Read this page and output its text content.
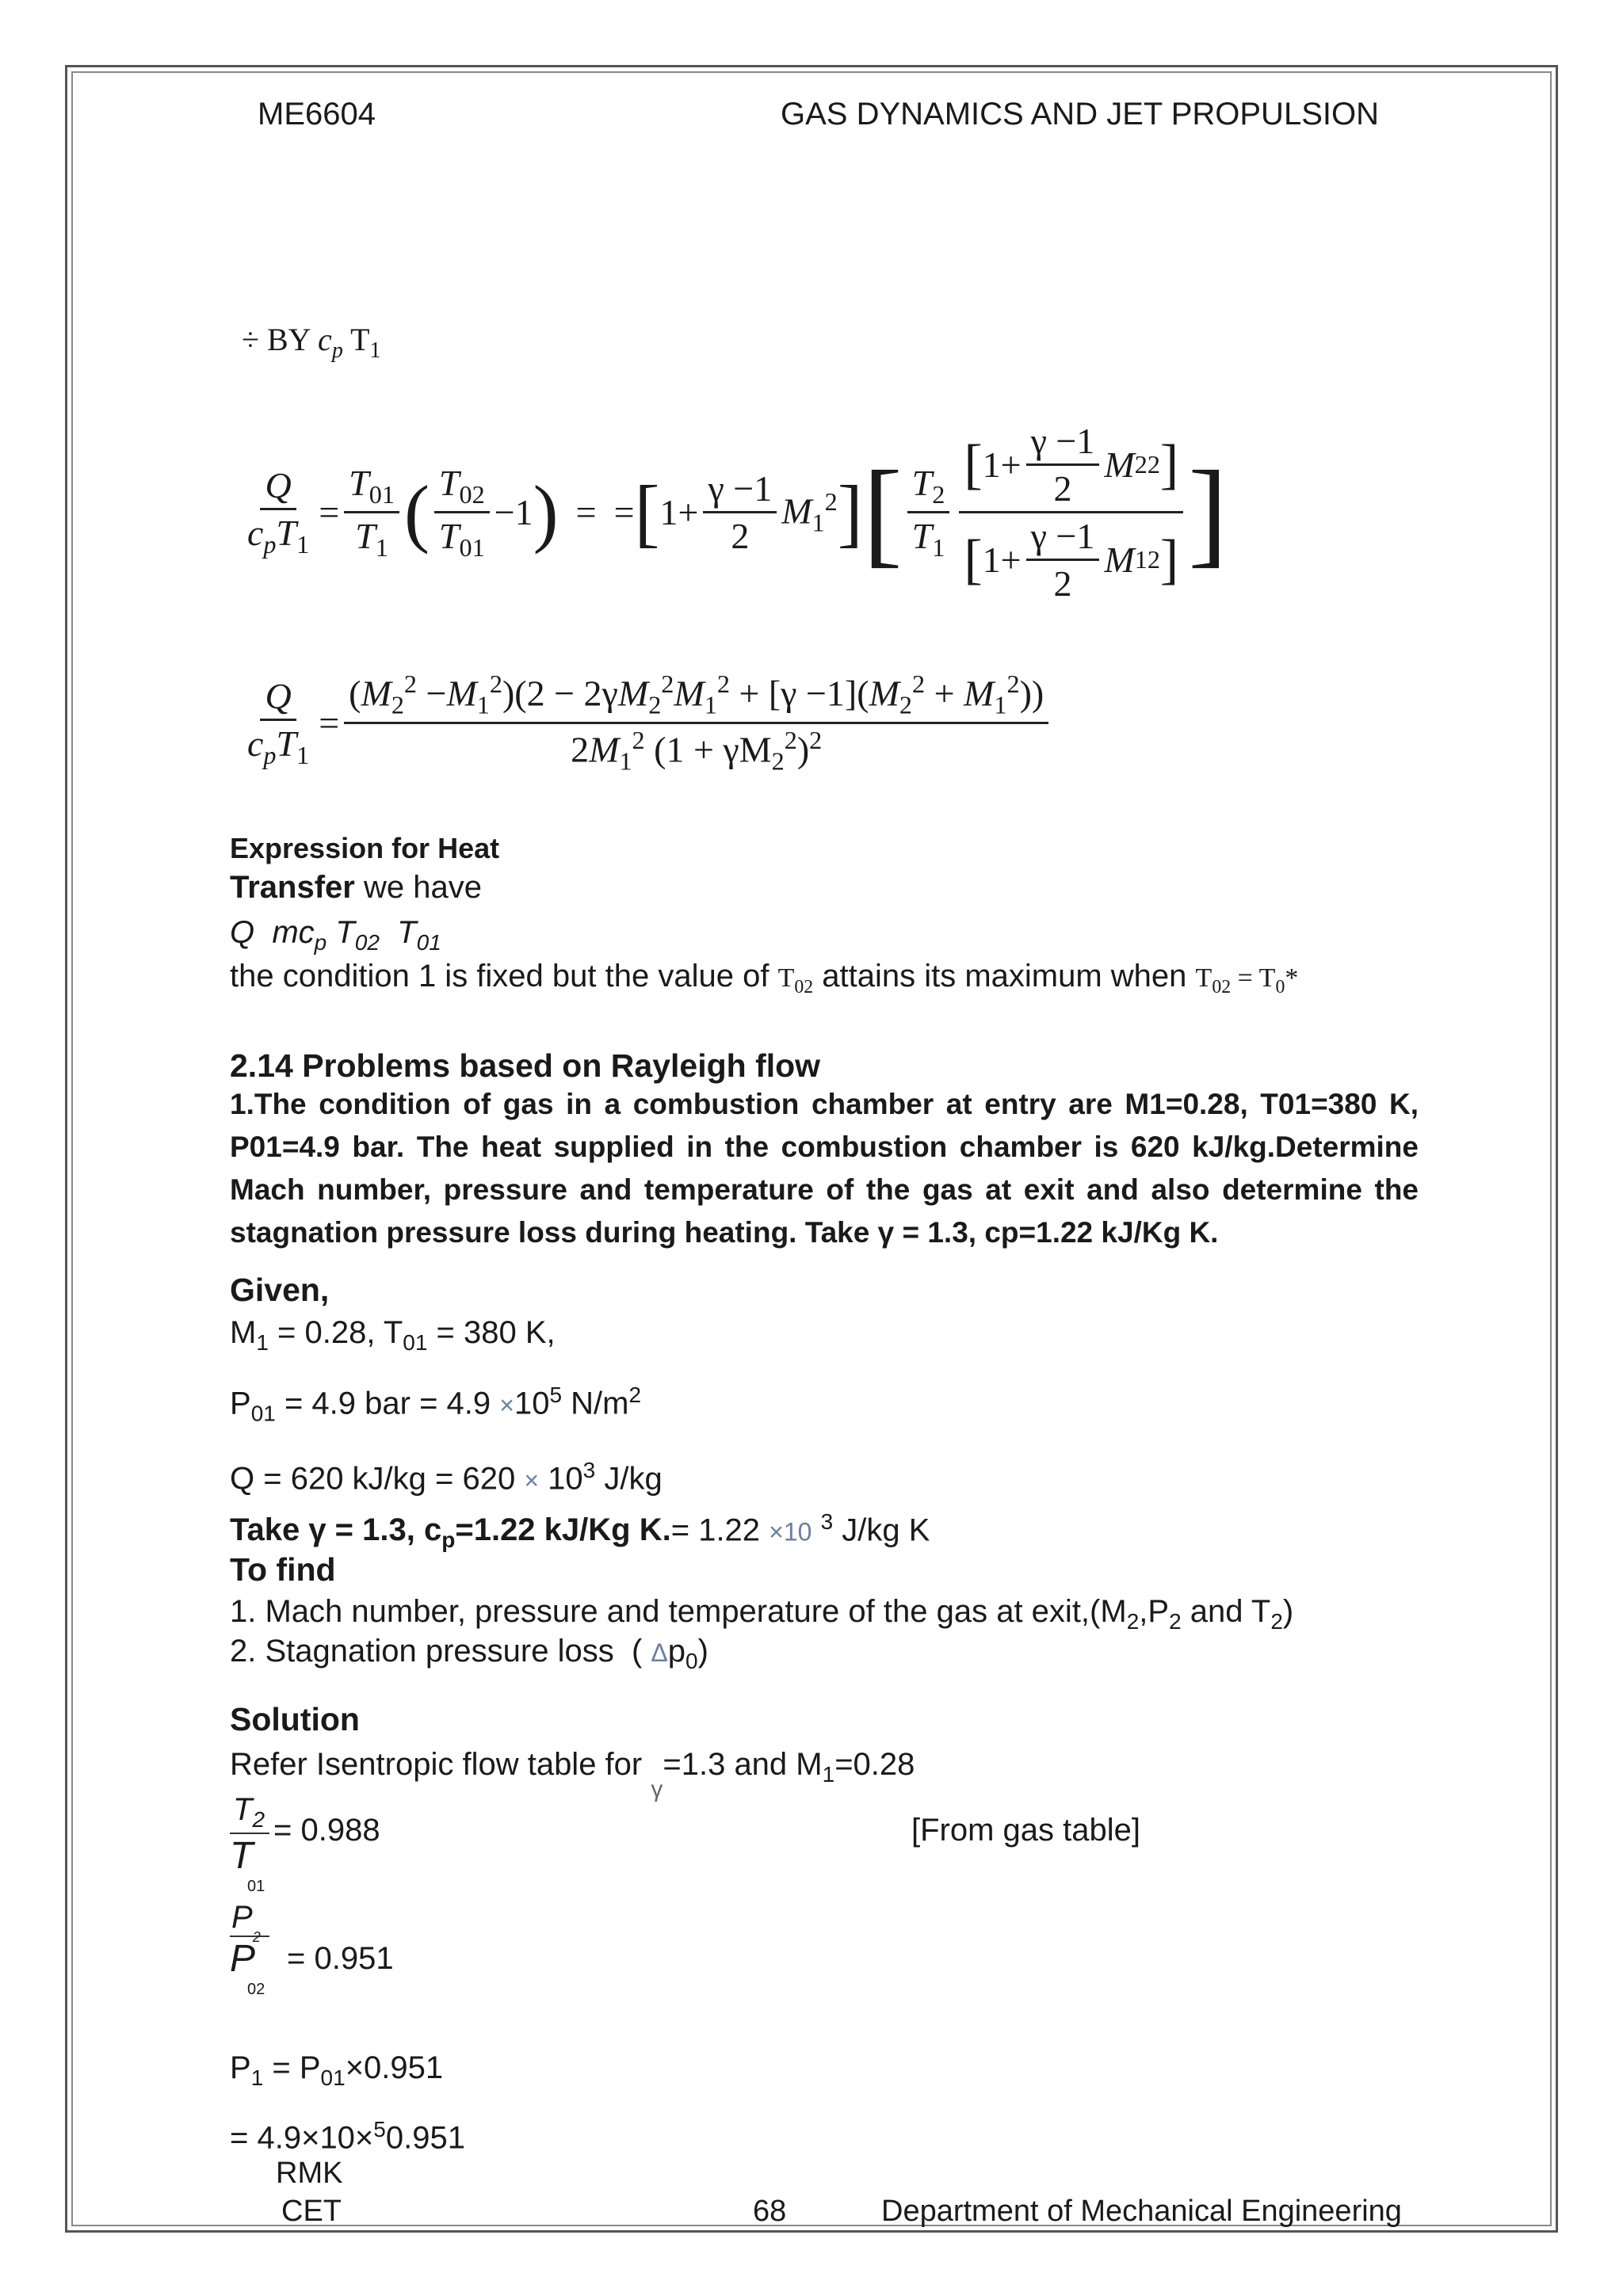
ME6604	GAS DYNAMICS AND JET PROPULSION
÷ BY $c_p$ $T_1$
$\frac{Q}{c_pT_1} = \frac{T_{01}}{T_1}$ ( $\frac{T_{02}}{T_{01}} -1$ ) = = [ $1+ \frac{\gamma -1}{2} M_1^2$ ] [ $\frac{T_2}{T_1} \frac{[ 1+ \frac{\gamma -1}{2} M 2 2 ]}{[ 1+ \frac{\gamma -1}{2} M 1 2 ]}$ ]
$\frac{Q}{c_pT_1} = \frac{(M_2^2 -M_1^2)(2 - 2\gamma M_2^2M_1^2 + [\gamma -1](M_2^2 + M_1^2))}{2M_1^2 (1 + \gamma M_2^2)^2}$
Expression for Heat
Transfer we have
Q  $mc_p$ $T_{02}$  $T_{01}$
the condition 1 is fixed but the value of $T_{02}$ attains its maximum when $T_{02} = T_0*$
2.14 Problems based on Rayleigh flow
1.The condition of gas in a combustion chamber at entry are M1=0.28, T01=380 K, P01=4.9 bar. The heat supplied in the combustion chamber is 620 kJ/kg.Determine Mach number, pressure and temperature of the gas at exit and also determine the stagnation pressure loss during heating. Take γ = 1.3, cp=1.22 kJ/Kg K.
Given,
$M_1 = 0.28$, $T_{01} = 380$ K,
$P_{01} = 4.9$ bar = $4.9 \times 10^5$ $N/m^2$
Q = 620 $kJ/kg = 620 \times 10^3$ J/kg
Take γ = 1.3, $c_p=1.22$ kJ/Kg K.= 1.22 ×10 $^3$ J/kg K
To find
1. Mach number, pressure and temperature of the gas at $exit,(M_2,P_2$ and $T_2$)
2. Stagnation pressure loss  ( $\Delta p_0$)
Solution
Refer Isentropic flow table for $_\gamma$=1.3 and $M_1=0.28$
$T_2$
T
01
= 0.988	[From gas table]
P2
P
02
= 0.951
$P_1 = P_{01}\times 0.951$
= 4.9×10×$^5$0.951
RMK
CET	68	Department of Mechanical Engineering
